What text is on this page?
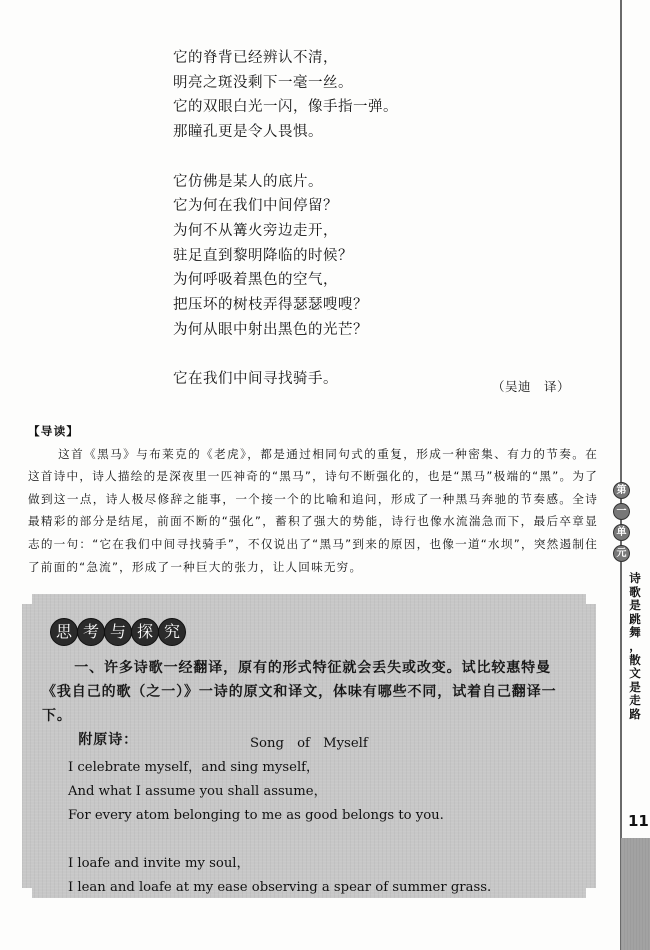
它的脊背已经辨认不清，
明亮之斑没剩下一毫一丝。
它的双眼白光一闪，像手指一弹。
那瞳孔更是令人畏惧。
它仿佛是某人的底片。
它为何在我们中间停留？
为何不从篝火旁边走开，
驻足直到黎明降临的时候？
为何呼吸着黑色的空气，
把压坏的树枝弄得瑟瑟嗖嗖？
为何从眼中射出黑色的光芒？
它在我们中间寻找骑手。	（吴迪　译）
【导读】

这首《黑马》与布莱克的《老虎》，都是通过相同句式的重复，形成一种密集、有力的节奏。在这首诗中，诗人描绘的是深夜里一匹神奇的“黑马”，诗句不断强化的，也是“黑马”极端的“黑”。为了做到这一点，诗人极尽修辞之能事，一个接一个的比喻和追问，形成了一种黑马奔驰的节奏感。全诗最精彩的部分是结尾，前面不断的“强化”，蓄积了强大的势能，诗行也像水流湍急而下，最后卒章显志的一句：“它在我们中间寻找骑手”，不仅说出了“黑马”到来的原因，也像一道“水坝”，突然遏制住了前面的“急流”，形成了一种巨大的张力，让人回味无穷。

第
一
单
元
诗
歌
是
跳
舞
，
散
文
是
走
路
11
思 考 与 探 究

一、许多诗歌一经翻译，原有的形式特征就会丢失或改变。试比较惠特曼

《我自己的歌（之一）》一诗的原文和译文，体味有哪些不同，试着自己翻译一下。

附原诗：	Song　of　Myself
I celebrate myself，and sing myself，
And what I assume you shall assume，
For every atom belonging to me as good belongs to you.
I loafe and invite my soul，
I lean and loafe at my ease observing a spear of summer grass.
